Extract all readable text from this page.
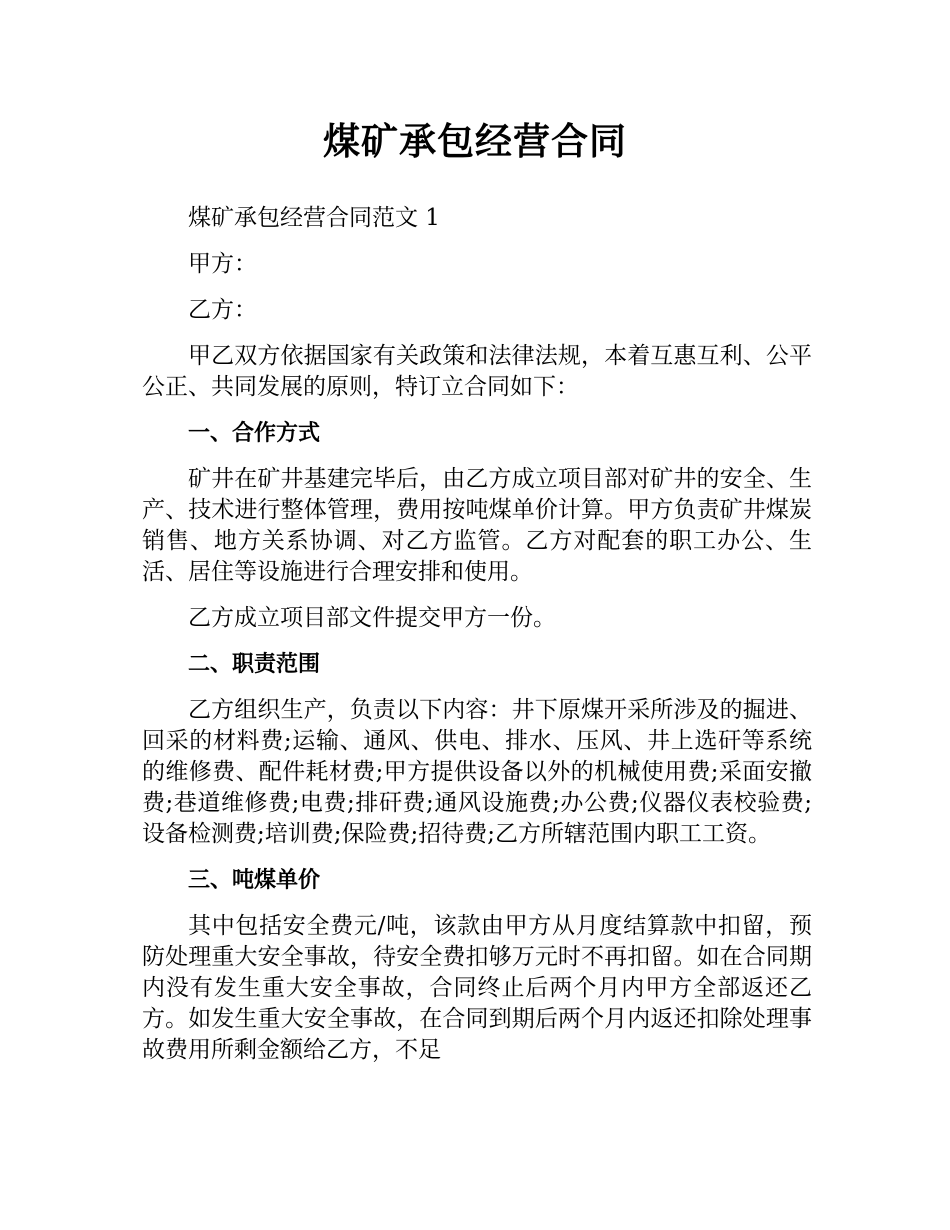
煤矿承包经营合同

煤矿承包经营合同范文 1

甲方：

乙方：

甲乙双方依据国家有关政策和法律法规，本着互惠互利、公平公正、共同发展的原则，特订立合同如下：

一、合作方式

矿井在矿井基建完毕后，由乙方成立项目部对矿井的安全、生产、技术进行整体管理，费用按吨煤单价计算。甲方负责矿井煤炭销售、地方关系协调、对乙方监管。乙方对配套的职工办公、生活、居住等设施进行合理安排和使用。

乙方成立项目部文件提交甲方一份。

二、职责范围

乙方组织生产，负责以下内容：井下原煤开采所涉及的掘进、回采的材料费;运输、通风、供电、排水、压风、井上选矸等系统的维修费、配件耗材费;甲方提供设备以外的机械使用费;采面安撤费;巷道维修费;电费;排矸费;通风设施费;办公费;仪器仪表校验费;设备检测费;培训费;保险费;招待费;乙方所辖范围内职工工资。

三、吨煤单价

其中包括安全费元/吨，该款由甲方从月度结算款中扣留，预防处理重大安全事故，待安全费扣够万元时不再扣留。如在合同期内没有发生重大安全事故，合同终止后两个月内甲方全部返还乙方。如发生重大安全事故，在合同到期后两个月内返还扣除处理事故费用所剩金额给乙方，不足
